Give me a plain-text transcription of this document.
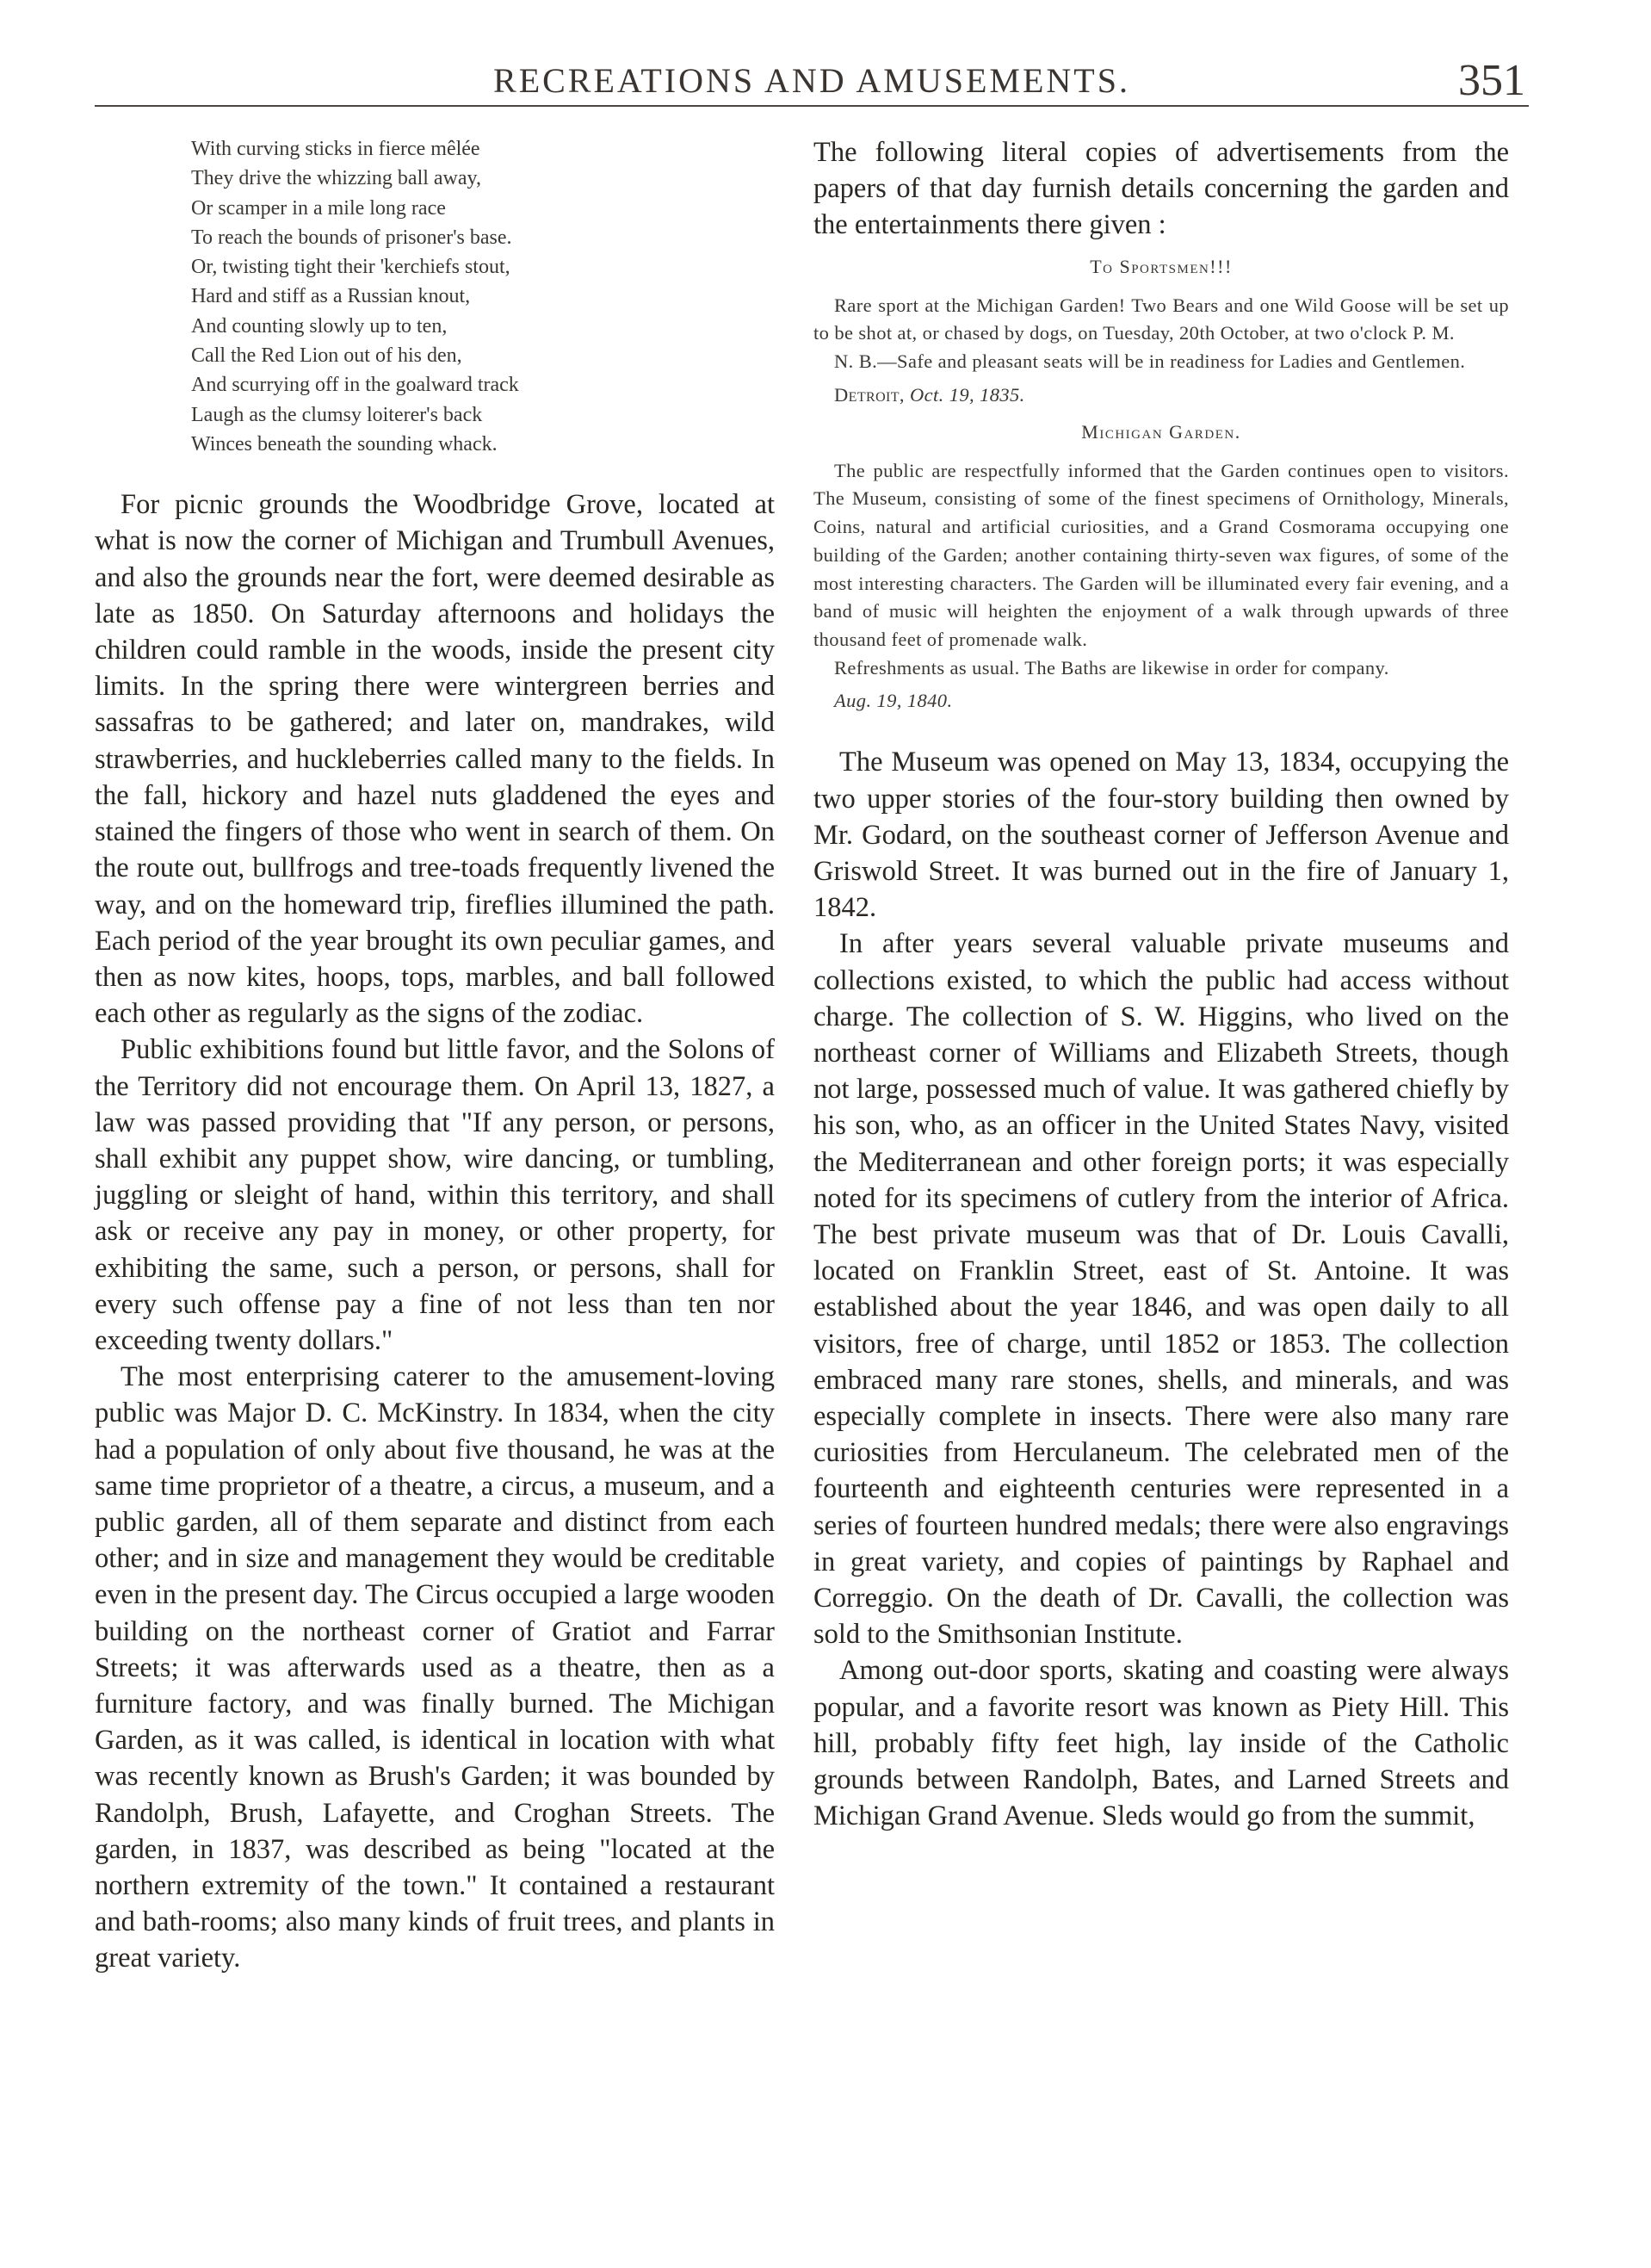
RECREATIONS AND AMUSEMENTS.	351
With curving sticks in fierce mêlée
They drive the whizzing ball away,
Or scamper in a mile long race
To reach the bounds of prisoner's base.
Or, twisting tight their 'kerchiefs stout,
Hard and stiff as a Russian knout,
And counting slowly up to ten,
Call the Red Lion out of his den,
And scurrying off in the goalward track
Laugh as the clumsy loiterer's back
Winces beneath the sounding whack.

For picnic grounds the Woodbridge Grove, located at what is now the corner of Michigan and Trumbull Avenues, and also the grounds near the fort, were deemed desirable as late as 1850. On Saturday afternoons and holidays the children could ramble in the woods, inside the present city limits. In the spring there were wintergreen berries and sassafras to be gathered; and later on, mandrakes, wild strawberries, and huckleberries called many to the fields. In the fall, hickory and hazel nuts gladdened the eyes and stained the fingers of those who went in search of them. On the route out, bullfrogs and tree-toads frequently livened the way, and on the homeward trip, fireflies illumined the path. Each period of the year brought its own peculiar games, and then as now kites, hoops, tops, marbles, and ball followed each other as regularly as the signs of the zodiac.

Public exhibitions found but little favor, and the Solons of the Territory did not encourage them. On April 13, 1827, a law was passed providing that "If any person, or persons, shall exhibit any puppet show, wire dancing, or tumbling, juggling or sleight of hand, within this territory, and shall ask or receive any pay in money, or other property, for exhibiting the same, such a person, or persons, shall for every such offense pay a fine of not less than ten nor exceeding twenty dollars."

The most enterprising caterer to the amusement-loving public was Major D. C. McKinstry. In 1834, when the city had a population of only about five thousand, he was at the same time proprietor of a theatre, a circus, a museum, and a public garden, all of them separate and distinct from each other; and in size and management they would be creditable even in the present day. The Circus occupied a large wooden building on the northeast corner of Gratiot and Farrar Streets; it was afterwards used as a theatre, then as a furniture factory, and was finally burned. The Michigan Garden, as it was called, is identical in location with what was recently known as Brush's Garden; it was bounded by Randolph, Brush, Lafayette, and Croghan Streets. The garden, in 1837, was described as being "located at the northern extremity of the town." It contained a restaurant and bath-rooms; also many kinds of fruit trees, and plants in great variety.

The following literal copies of advertisements from the papers of that day furnish details concerning the garden and the entertainments there given :

To Sportsmen!!!

Rare sport at the Michigan Garden! Two Bears and one Wild Goose will be set up to be shot at, or chased by dogs, on Tuesday, 20th October, at two o'clock P. M.

N. B.—Safe and pleasant seats will be in readiness for Ladies and Gentlemen.

Detroit, Oct. 19, 1835.
Michigan Garden.

The public are respectfully informed that the Garden continues open to visitors. The Museum, consisting of some of the finest specimens of Ornithology, Minerals, Coins, natural and artificial curiosities, and a Grand Cosmorama occupying one building of the Garden; another containing thirty-seven wax figures, of some of the most interesting characters. The Garden will be illuminated every fair evening, and a band of music will heighten the enjoyment of a walk through upwards of three thousand feet of promenade walk.

Refreshments as usual. The Baths are likewise in order for company.

Aug. 19, 1840.

The Museum was opened on May 13, 1834, occupying the two upper stories of the four-story building then owned by Mr. Godard, on the southeast corner of Jefferson Avenue and Griswold Street. It was burned out in the fire of January 1, 1842.

In after years several valuable private museums and collections existed, to which the public had access without charge. The collection of S. W. Higgins, who lived on the northeast corner of Williams and Elizabeth Streets, though not large, possessed much of value. It was gathered chiefly by his son, who, as an officer in the United States Navy, visited the Mediterranean and other foreign ports; it was especially noted for its specimens of cutlery from the interior of Africa. The best private museum was that of Dr. Louis Cavalli, located on Franklin Street, east of St. Antoine. It was established about the year 1846, and was open daily to all visitors, free of charge, until 1852 or 1853. The collection embraced many rare stones, shells, and minerals, and was especially complete in insects. There were also many rare curiosities from Herculaneum. The celebrated men of the fourteenth and eighteenth centuries were represented in a series of fourteen hundred medals; there were also engravings in great variety, and copies of paintings by Raphael and Correggio. On the death of Dr. Cavalli, the collection was sold to the Smithsonian Institute.

Among out-door sports, skating and coasting were always popular, and a favorite resort was known as Piety Hill. This hill, probably fifty feet high, lay inside of the Catholic grounds between Randolph, Bates, and Larned Streets and Michigan Grand Avenue. Sleds would go from the summit,
